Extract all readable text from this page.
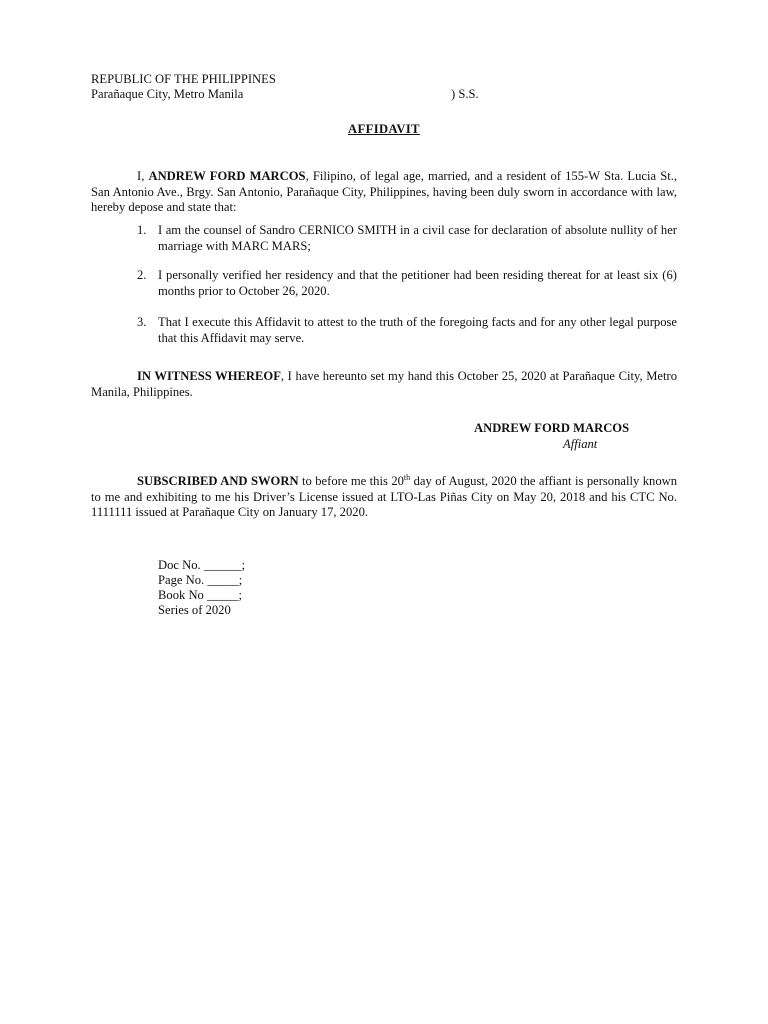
REPUBLIC OF THE PHILIPPINES
Parañaque City, Metro Manila	) S.S.
AFFIDAVIT
I, ANDREW FORD MARCOS, Filipino, of legal age, married, and a resident of 155-W Sta. Lucia St., San Antonio Ave., Brgy. San Antonio, Parañaque City, Philippines, having been duly sworn in accordance with law, hereby depose and state that:
1. I am the counsel of Sandro CERNICO SMITH in a civil case for declaration of absolute nullity of her marriage with MARC MARS;
2. I personally verified her residency and that the petitioner had been residing thereat for at least six (6) months prior to October 26, 2020.
3. That I execute this Affidavit to attest to the truth of the foregoing facts and for any other legal purpose that this Affidavit may serve.
IN WITNESS WHEREOF, I have hereunto set my hand this October 25, 2020 at Parañaque City, Metro Manila, Philippines.
ANDREW FORD MARCOS
Affiant
SUBSCRIBED AND SWORN to before me this 20th day of August, 2020 the affiant is personally known to me and exhibiting to me his Driver’s License issued at LTO-Las Piñas City on May 20, 2018 and his CTC No. 1111111 issued at Parañaque City on January 17, 2020.
Doc No. ______;
Page No. _____;
Book No _____;
Series of 2020
